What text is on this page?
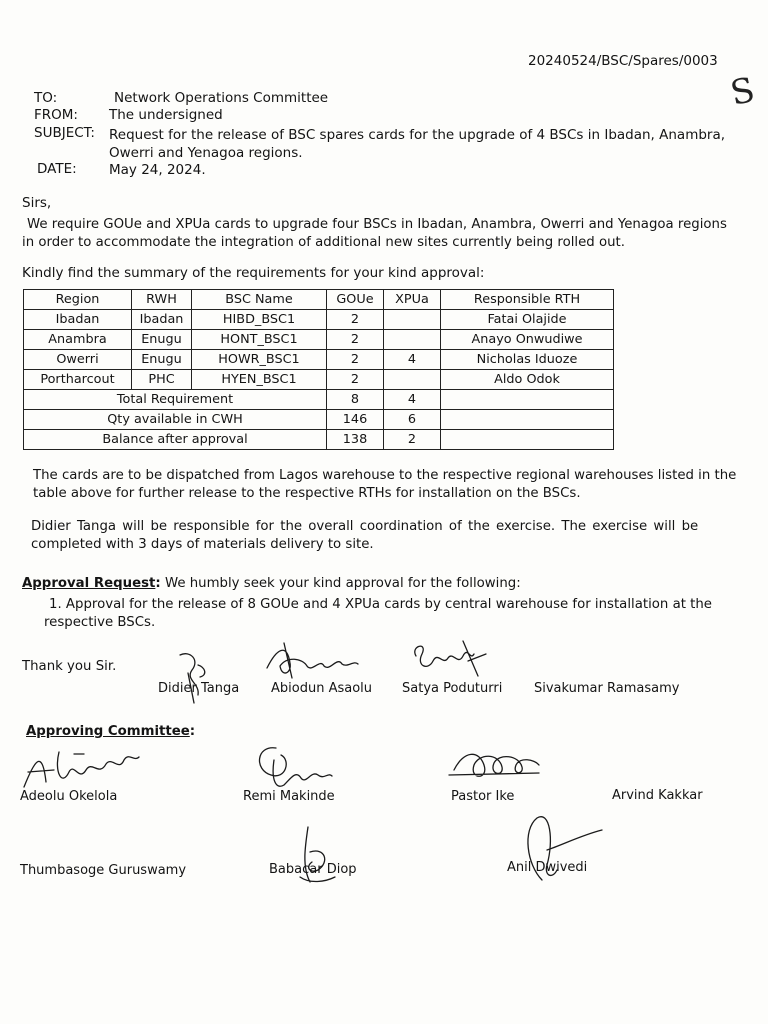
20240524/BSC/Spares/0003
S
TO:	Network Operations Committee
FROM: The undersigned
SUBJECT: Request for the release of BSC spares cards for the upgrade of 4 BSCs in Ibadan, Anambra,
Owerri and Yenagoa regions.
DATE: May 24, 2024.
Sirs,
We require GOUe and XPUa cards to upgrade four BSCs in Ibadan, Anambra, Owerri and Yenagoa regions
in order to accommodate the integration of additional new sites currently being rolled out.
Kindly find the summary of the requirements for your kind approval:
Region	RWH	BSC Name	GOUe	XPUa	Responsible RTH
Ibadan	Ibadan	HIBD_BSC1	2		Fatai Olajide
Anambra	Enugu	HONT_BSC1	2		Anayo Onwudiwe
Owerri	Enugu	HOWR_BSC1	2	4	Nicholas Iduoze
Portharcout	PHC	HYEN_BSC1	2		Aldo Odok
Total Requirement			8	4	
Qty available in CWH			146	6	
Balance after approval			138	2	
The cards are to be dispatched from Lagos warehouse to the respective regional warehouses listed in the
table above for further release to the respective RTHs for installation on the BSCs.
Didier Tanga will be responsible for the overall coordination of the exercise. The exercise will be
completed with 3 days of materials delivery to site.
Approval Request: We humbly seek your kind approval for the following:
1. Approval for the release of 8 GOUe and 4 XPUa cards by central warehouse for installation at the
respective BSCs.
Thank you Sir.
Didier Tanga Abiodun Asaolu Satya Poduturri Sivakumar Ramasamy
Approving Committee:
Adeolu Okelola	Remi Makinde	Pastor Ike	Arvind Kakkar
Thumbasoge Guruswamy	Babacar Diop	Anil Dwivedi
